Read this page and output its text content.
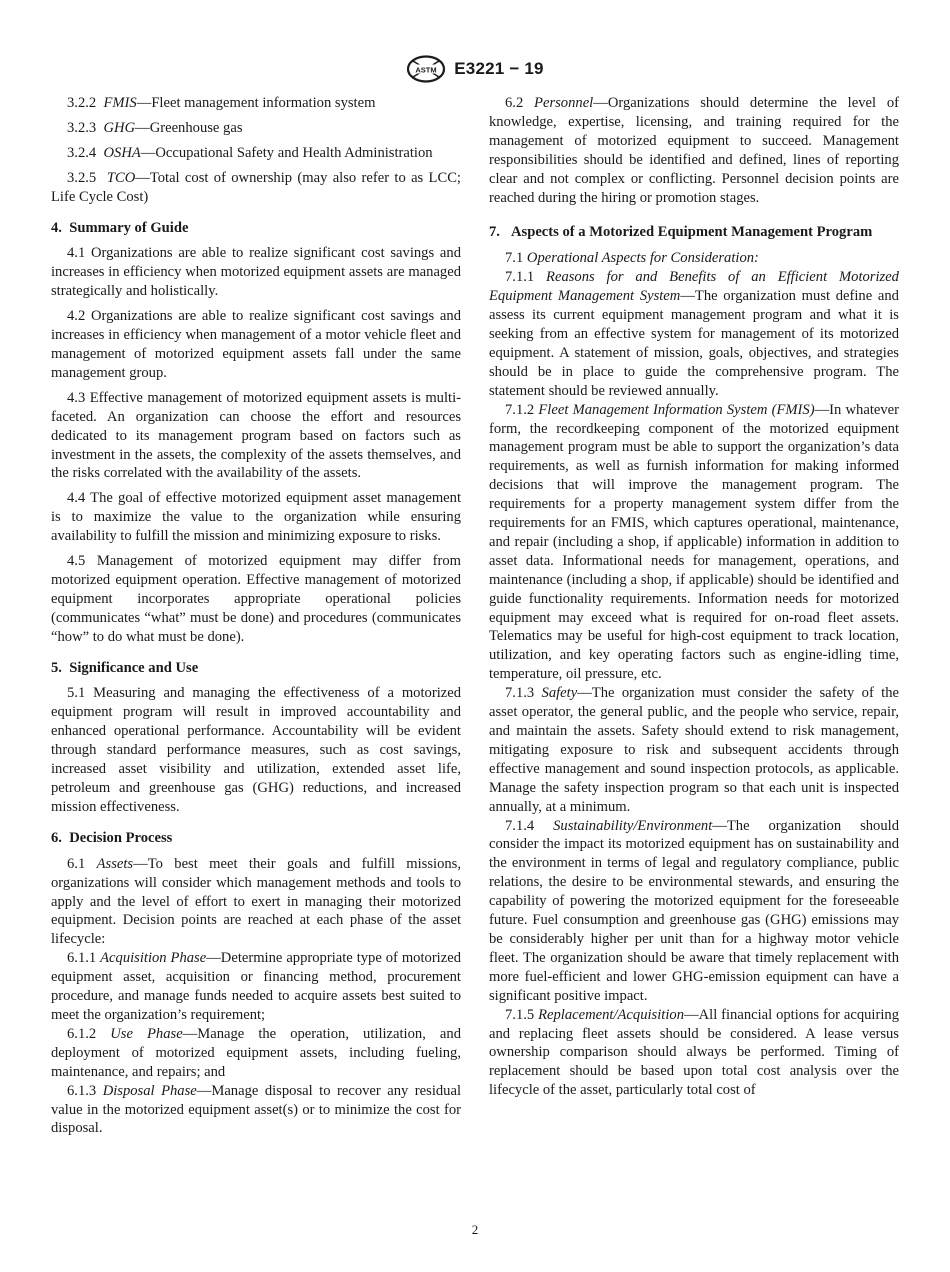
ASTM E3221 − 19

3.2.2 FMIS—Fleet management information system

3.2.3 GHG—Greenhouse gas

3.2.4 OSHA—Occupational Safety and Health Administration

3.2.5 TCO—Total cost of ownership (may also refer to as LCC; Life Cycle Cost)

4. Summary of Guide

4.1 Organizations are able to realize significant cost savings and increases in efficiency when motorized equipment assets are managed strategically and holistically.

4.2 Organizations are able to realize significant cost savings and increases in efficiency when management of a motor vehicle fleet and management of motorized equipment assets fall under the same management group.

4.3 Effective management of motorized equipment assets is multi-faceted. An organization can choose the effort and resources dedicated to its management program based on factors such as investment in the assets, the complexity of the assets themselves, and the risks correlated with the availability of the assets.

4.4 The goal of effective motorized equipment asset management is to maximize the value to the organization while ensuring availability to fulfill the mission and minimizing exposure to risks.

4.5 Management of motorized equipment may differ from motorized equipment operation. Effective management of motorized equipment incorporates appropriate operational policies (communicates “what” must be done) and procedures (communicates “how” to do what must be done).

5. Significance and Use

5.1 Measuring and managing the effectiveness of a motorized equipment program will result in improved accountability and enhanced operational performance. Accountability will be evident through standard performance measures, such as cost savings, increased asset visibility and utilization, extended asset life, petroleum and greenhouse gas (GHG) reductions, and increased mission effectiveness.

6. Decision Process

6.1 Assets—To best meet their goals and fulfill missions, organizations will consider which management methods and tools to apply and the level of effort to exert in managing their motorized equipment. Decision points are reached at each phase of the asset lifecycle:

6.1.1 Acquisition Phase—Determine appropriate type of motorized equipment asset, acquisition or financing method, procurement procedure, and manage funds needed to acquire assets best suited to meet the organization’s requirement;

6.1.2 Use Phase—Manage the operation, utilization, and deployment of motorized equipment assets, including fueling, maintenance, and repairs; and

6.1.3 Disposal Phase—Manage disposal to recover any residual value in the motorized equipment asset(s) or to minimize the cost for disposal.

6.2 Personnel—Organizations should determine the level of knowledge, expertise, licensing, and training required for the management of motorized equipment to succeed. Management responsibilities should be identified and defined, lines of reporting clear and not complex or conflicting. Personnel decision points are reached during the hiring or promotion stages.

7. Aspects of a Motorized Equipment Management Program

7.1 Operational Aspects for Consideration:

7.1.1 Reasons for and Benefits of an Efficient Motorized Equipment Management System—The organization must define and assess its current equipment management program and what it is seeking from an effective system for management of its motorized equipment. A statement of mission, goals, objectives, and strategies should be in place to guide the comprehensive program. The statement should be reviewed annually.

7.1.2 Fleet Management Information System (FMIS)—In whatever form, the recordkeeping component of the motorized equipment management program must be able to support the organization’s data requirements, as well as furnish information for making informed decisions that will improve the management program. The requirements for a property management system differ from the requirements for an FMIS, which captures operational, maintenance, and repair (including a shop, if applicable) information in addition to asset data. Informational needs for management, operations, and maintenance (including a shop, if applicable) should be identified and guide functionality requirements. Information needs for motorized equipment may exceed what is required for on-road fleet assets. Telematics may be useful for high-cost equipment to track location, utilization, and key operating factors such as engine-idling time, temperature, oil pressure, etc.

7.1.3 Safety—The organization must consider the safety of the asset operator, the general public, and the people who service, repair, and maintain the assets. Safety should extend to risk management, mitigating exposure to risk and subsequent accidents through effective management and sound inspection protocols, as applicable. Manage the safety inspection program so that each unit is inspected annually, at a minimum.

7.1.4 Sustainability/Environment—The organization should consider the impact its motorized equipment has on sustainability and the environment in terms of legal and regulatory compliance, public relations, the desire to be environmental stewards, and ensuring the capability of powering the motorized equipment for the foreseeable future. Fuel consumption and greenhouse gas (GHG) emissions may be considerably higher per unit than for a highway motor vehicle fleet. The organization should be aware that timely replacement with more fuel-efficient and lower GHG-emission equipment can have a significant positive impact.

7.1.5 Replacement/Acquisition—All financial options for acquiring and replacing fleet assets should be considered. A lease versus ownership comparison should always be performed. Timing of replacement should be based upon total cost analysis over the lifecycle of the asset, particularly total cost of

2
